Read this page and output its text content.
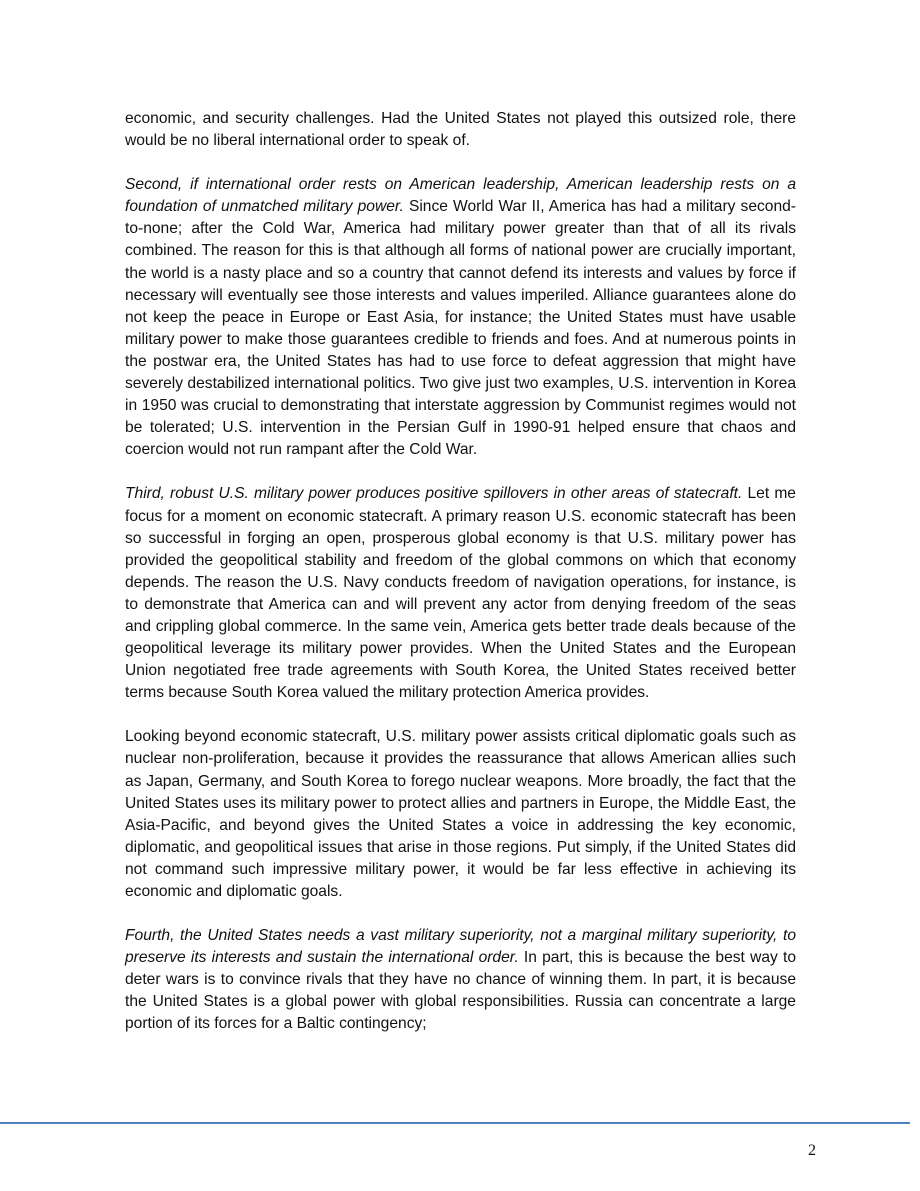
economic, and security challenges. Had the United States not played this outsized role, there would be no liberal international order to speak of.

Second, if international order rests on American leadership, American leadership rests on a foundation of unmatched military power. Since World War II, America has had a military second-to-none; after the Cold War, America had military power greater than that of all its rivals combined. The reason for this is that although all forms of national power are crucially important, the world is a nasty place and so a country that cannot defend its interests and values by force if necessary will eventually see those interests and values imperiled. Alliance guarantees alone do not keep the peace in Europe or East Asia, for instance; the United States must have usable military power to make those guarantees credible to friends and foes. And at numerous points in the postwar era, the United States has had to use force to defeat aggression that might have severely destabilized international politics. Two give just two examples, U.S. intervention in Korea in 1950 was crucial to demonstrating that interstate aggression by Communist regimes would not be tolerated; U.S. intervention in the Persian Gulf in 1990-91 helped ensure that chaos and coercion would not run rampant after the Cold War.

Third, robust U.S. military power produces positive spillovers in other areas of statecraft. Let me focus for a moment on economic statecraft. A primary reason U.S. economic statecraft has been so successful in forging an open, prosperous global economy is that U.S. military power has provided the geopolitical stability and freedom of the global commons on which that economy depends. The reason the U.S. Navy conducts freedom of navigation operations, for instance, is to demonstrate that America can and will prevent any actor from denying freedom of the seas and crippling global commerce. In the same vein, America gets better trade deals because of the geopolitical leverage its military power provides. When the United States and the European Union negotiated free trade agreements with South Korea, the United States received better terms because South Korea valued the military protection America provides.

Looking beyond economic statecraft, U.S. military power assists critical diplomatic goals such as nuclear non-proliferation, because it provides the reassurance that allows American allies such as Japan, Germany, and South Korea to forego nuclear weapons. More broadly, the fact that the United States uses its military power to protect allies and partners in Europe, the Middle East, the Asia-Pacific, and beyond gives the United States a voice in addressing the key economic, diplomatic, and geopolitical issues that arise in those regions. Put simply, if the United States did not command such impressive military power, it would be far less effective in achieving its economic and diplomatic goals.

Fourth, the United States needs a vast military superiority, not a marginal military superiority, to preserve its interests and sustain the international order. In part, this is because the best way to deter wars is to convince rivals that they have no chance of winning them. In part, it is because the United States is a global power with global responsibilities. Russia can concentrate a large portion of its forces for a Baltic contingency;

2
